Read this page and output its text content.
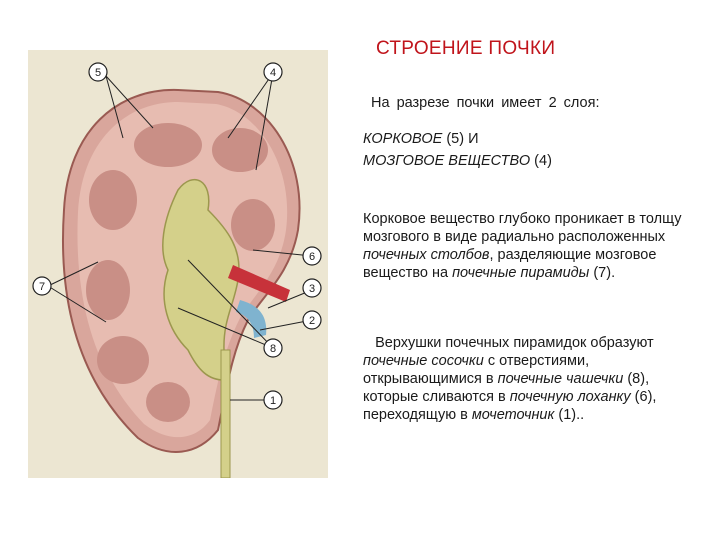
5	4
6
3
7
2
8
1
СТРОЕНИЕ ПОЧКИ
На разрезе почки имеет 2 слоя:
КОРКОВОЕ (5) И
МОЗГОВОЕ ВЕЩЕСТВО (4)
Корковое вещество глубоко проникает в толщу мозгового в виде радиально расположенных почечных столбов, разделяющие мозговое вещество на почечные пирамиды (7).
Верхушки почечных пирамидок образуют почечные сосочки с отверстиями, открывающимися в почечные чашечки (8), которые сливаются в почечную лоханку (6), переходящую в мочеточник (1)..
